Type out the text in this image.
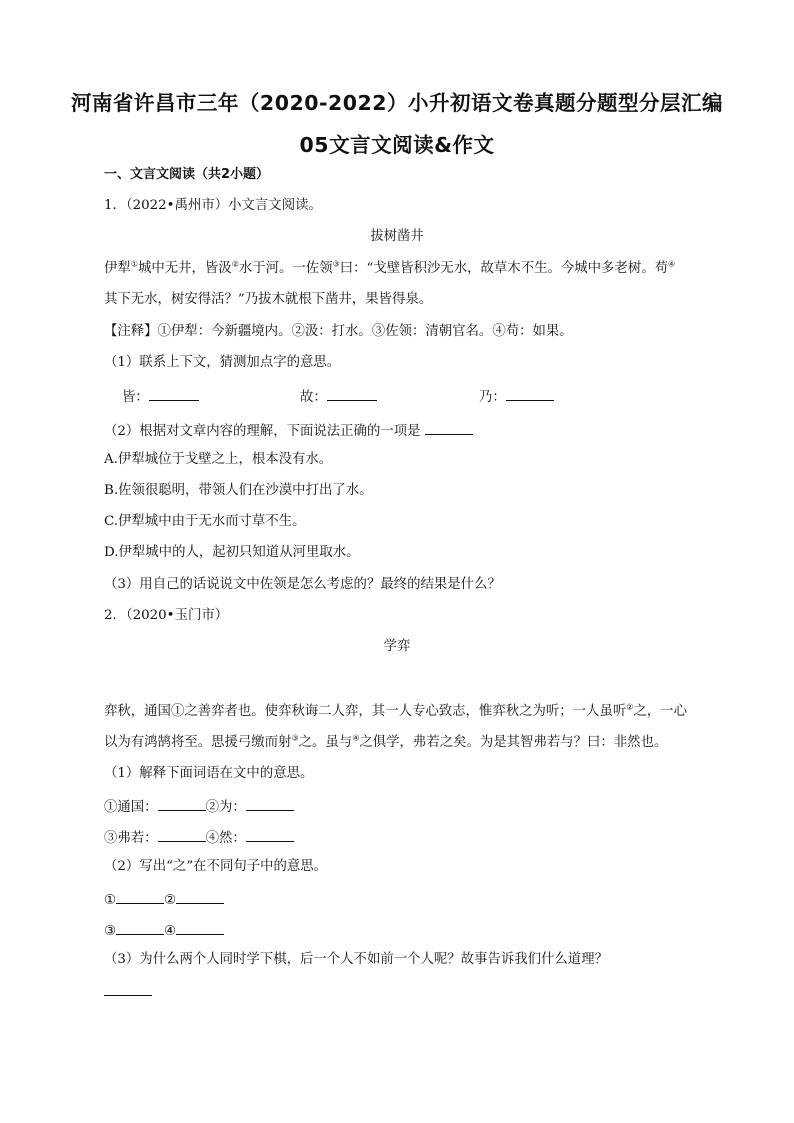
河南省许昌市三年（2020-2022）小升初语文卷真题分题型分层汇编
05文言文阅读&作文
一、文言文阅读（共2小题）
1．（2022•禹州市）小文言文阅读。
拔树凿井
伊犁①城中无井，皆汲②水于河。一佐领③曰：“戈壁皆积沙无水，故草木不生。今城中多老树。苟④
其下无水，树安得活？”乃拔木就根下凿井，果皆得泉。
【注释】①伊犁：今新疆境内。②汲：打水。③佐领：清朝官名。④苟：如果。
（1）联系上下文，猜测加点字的意思。
皆：	故：	乃：
（2）根据对文章内容的理解，下面说法正确的一项是
A.伊犁城位于戈壁之上，根本没有水。
B.佐领很聪明，带领人们在沙漠中打出了水。
C.伊犁城中由于无水而寸草不生。
D.伊犁城中的人，起初只知道从河里取水。
（3）用自己的话说说文中佐领是怎么考虑的？最终的结果是什么？
2．（2020•玉门市）
学弈
弈秋，通国①之善弈者也。使弈秋诲二人弈，其一人专心致志，惟弈秋之为听；一人虽听②之，一心
以为有鸿鹄将至。思援弓缴而射③之。虽与④之俱学，弗若之矣。为是其智弗若与？曰：非然也。
（1）解释下面词语在文中的意思。
①通国：	②为：
③弗若：	④然：
（2）写出“之”在不同句子中的意思。
①	②
③	④
（3）为什么两个人同时学下棋，后一个人不如前一个人呢？故事告诉我们什么道理？
